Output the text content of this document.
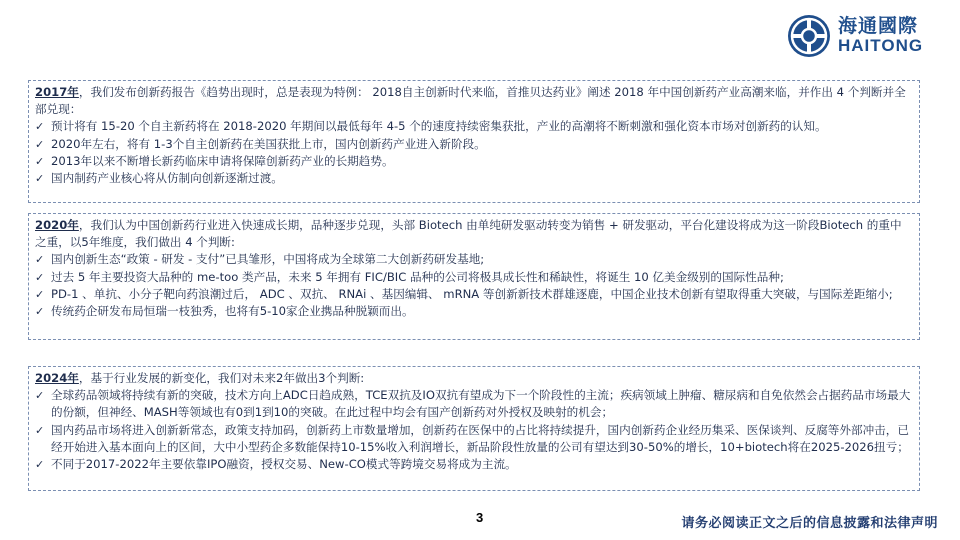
海通國際
HAITONG

2017年，我们发布创新药报告《趋势出现时，总是表现为特例： 2018自主创新时代来临，首推贝达药业》阐述 2018 年中国创新药产业高潮来临，并作出 4 个判断并全部兑现：

✓ 预计将有 15-20 个自主新药将在 2018-2020 年期间以最低每年 4-5 个的速度持续密集获批，产业的高潮将不断刺激和强化资本市场对创新药的认知。

✓ 2020年左右，将有 1-3个自主创新药在美国获批上市，国内创新药产业进入新阶段。

✓ 2013年以来不断增长新药临床申请将保障创新药产业的长期趋势。

✓ 国内制药产业核心将从仿制向创新逐渐过渡。

2020年，我们认为中国创新药行业进入快速成长期，品种逐步兑现，头部 Biotech 由单纯研发驱动转变为销售 + 研发驱动，平台化建设将成为这一阶段Biotech 的重中之重，以5年维度，我们做出 4 个判断:

✓ 国内创新生态“政策 - 研发 - 支付”已具雏形，中国将成为全球第二大创新药研发基地;

✓ 过去 5 年主要投资大品种的 me-too 类产品，未来 5 年拥有 FIC/BIC 品种的公司将极具成长性和稀缺性，将诞生 10 亿美金级别的国际性品种;

✓ PD-1 、单抗、小分子靶向药浪潮过后， ADC 、双抗、 RNAi 、基因编辑、 mRNA 等创新新技术群雄逐鹿，中国企业技术创新有望取得重大突破，与国际差距缩小;

✓ 传统药企研发布局恒瑞一枝独秀，也将有5-10家企业携品种脱颖而出。

2024年，基于行业发展的新变化，我们对未来2年做出3个判断:

✓ 全球药品领域将持续有新的突破，技术方向上ADC日趋成熟，TCE双抗及IO双抗有望成为下一个阶段性的主流；疾病领域上肿瘤、糖尿病和自免依然会占据药品市场最大的份额，但神经、MASH等领域也有0到1到10的突破。在此过程中均会有国产创新药对外授权及映射的机会；

✓ 国内药品市场将进入创新新常态，政策支持加码，创新药上市数量增加，创新药在医保中的占比将持续提升，国内创新药企业经历集采、医保谈判、反腐等外部冲击，已经开始进入基本面向上的区间，大中小型药企多数能保持10-15%收入利润增长，新品阶段性放量的公司有望达到30-50%的增长，10+biotech将在2025-2026扭亏；

✓ 不同于2017-2022年主要依靠IPO融资，授权交易、New-CO模式等跨境交易将成为主流。

3	请务必阅读正文之后的信息披露和法律声明
